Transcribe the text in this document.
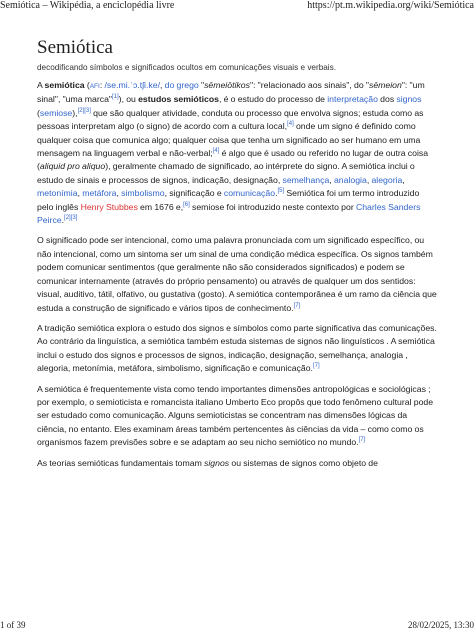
Semiótica – Wikipédia, a enciclopédia livre	https://pt.m.wikipedia.org/wiki/Semiótica
Semiótica
decodificando símbolos e significados ocultos em comunicações visuais e verbais.

A semiótica (AFI: /se.mi.ˈɔ.tʃi.ke/, do grego "sēmeiōtikos": "relacionado aos sinais", do "sēmeion": "um sinal", "uma marca"[1]), ou estudos semióticos, é o estudo do processo de interpretação dos signos (semiose),[2][3] que são qualquer atividade, conduta ou processo que envolva signos; estuda como as pessoas interpretam algo (o signo) de acordo com a cultura local,[4] onde um signo é definido como qualquer coisa que comunica algo; qualquer coisa que tenha um significado ao ser humano em uma mensagem na linguagem verbal e não-verbal;[4] é algo que é usado ou referido no lugar de outra coisa (aliquid pro aliquo), geralmente chamado de significado, ao intérprete do signo. A semiótica inclui o estudo de sinais e processos de signos, indicação, designação, semelhança, analogia, alegoria, metonímia, metáfora, simbolismo, significação e comunicação.[5] Semiótica foi um termo introduzido pelo inglês Henry Stubbes em 1676 e,[6] semiose foi introduzido neste contexto por Charles Sanders Peirce.[2][3]

O significado pode ser intencional, como uma palavra pronunciada com um significado específico, ou não intencional, como um sintoma ser um sinal de uma condição médica específica. Os signos também podem comunicar sentimentos (que geralmente não são considerados significados) e podem se comunicar internamente (através do próprio pensamento) ou através de qualquer um dos sentidos: visual, auditivo, tátil, olfativo, ou gustativa (gosto). A semiótica contemporânea é um ramo da ciência que estuda a construção de significado e vários tipos de conhecimento.[7]

A tradição semiótica explora o estudo dos signos e símbolos como parte significativa das comunicações. Ao contrário da linguística, a semiótica também estuda sistemas de signos não linguísticos . A semiótica inclui o estudo dos signos e processos de signos, indicação, designação, semelhança, analogia , alegoria, metonímia, metáfora, simbolismo, significação e comunicação.[7]

A semiótica é frequentemente vista como tendo importantes dimensões antropológicas e sociológicas ; por exemplo, o semioticista e romancista italiano Umberto Eco propôs que todo fenômeno cultural pode ser estudado como comunicação. Alguns semioticistas se concentram nas dimensões lógicas da ciência, no entanto. Eles examinam áreas também pertencentes às ciências da vida – como como os organismos fazem previsões sobre e se adaptam ao seu nicho semiótico no mundo.[7]

As teorias semióticas fundamentais tomam signos ou sistemas de signos como objeto de

1 of 39	28/02/2025, 13:30
